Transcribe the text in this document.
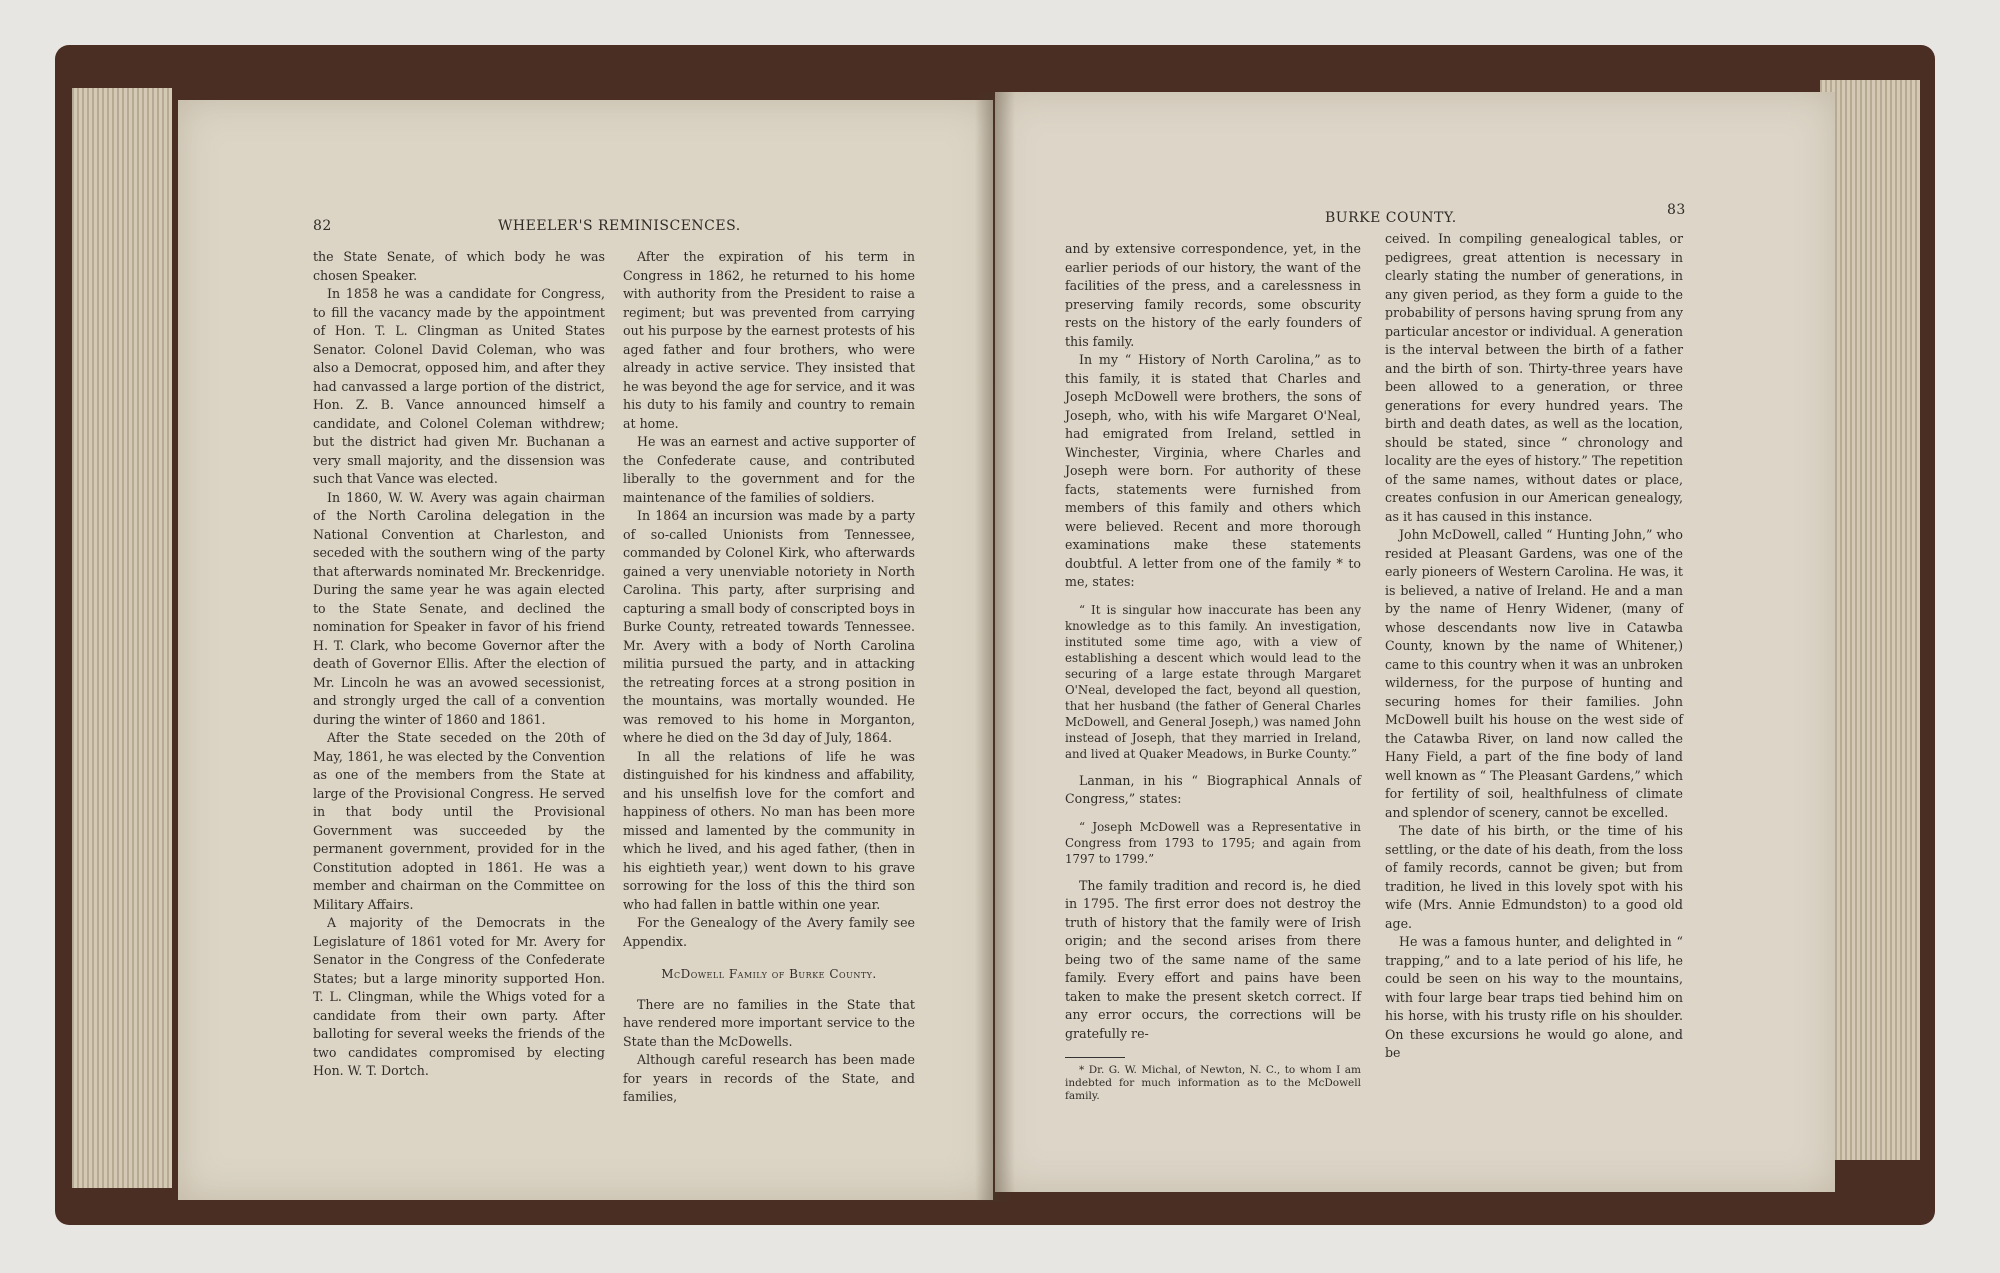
82	WHEELER'S REMINISCENCES.

the State Senate, of which body he was chosen Speaker.

In 1858 he was a candidate for Congress, to fill the vacancy made by the appointment of Hon. T. L. Clingman as United States Senator. Colonel David Coleman, who was also a Democrat, opposed him, and after they had canvassed a large portion of the district, Hon. Z. B. Vance announced himself a candidate, and Colonel Coleman withdrew; but the district had given Mr. Buchanan a very small majority, and the dissension was such that Vance was elected.

In 1860, W. W. Avery was again chairman of the North Carolina delegation in the National Convention at Charleston, and seceded with the southern wing of the party that afterwards nominated Mr. Breckenridge. During the same year he was again elected to the State Senate, and declined the nomination for Speaker in favor of his friend H. T. Clark, who become Governor after the death of Governor Ellis. After the election of Mr. Lincoln he was an avowed secessionist, and strongly urged the call of a convention during the winter of 1860 and 1861.

After the State seceded on the 20th of May, 1861, he was elected by the Convention as one of the members from the State at large of the Provisional Congress. He served in that body until the Provisional Government was succeeded by the permanent government, provided for in the Constitution adopted in 1861. He was a member and chairman on the Committee on Military Affairs.

A majority of the Democrats in the Legislature of 1861 voted for Mr. Avery for Senator in the Congress of the Confederate States; but a large minority supported Hon. T. L. Clingman, while the Whigs voted for a candidate from their own party. After balloting for several weeks the friends of the two candidates compromised by electing Hon. W. T. Dortch.

After the expiration of his term in Congress in 1862, he returned to his home with authority from the President to raise a regiment; but was prevented from carrying out his purpose by the earnest protests of his aged father and four brothers, who were already in active service. They insisted that he was beyond the age for service, and it was his duty to his family and country to remain at home.

He was an earnest and active supporter of the Confederate cause, and contributed liberally to the government and for the maintenance of the families of soldiers.

In 1864 an incursion was made by a party of so-called Unionists from Tennessee, commanded by Colonel Kirk, who afterwards gained a very unenviable notoriety in North Carolina. This party, after surprising and capturing a small body of conscripted boys in Burke County, retreated towards Tennessee. Mr. Avery with a body of North Carolina militia pursued the party, and in attacking the retreating forces at a strong position in the mountains, was mortally wounded. He was removed to his home in Morganton, where he died on the 3d day of July, 1864.

In all the relations of life he was distinguished for his kindness and affability, and his unselfish love for the comfort and happiness of others. No man has been more missed and lamented by the community in which he lived, and his aged father, (then in his eightieth year,) went down to his grave sorrowing for the loss of this the third son who had fallen in battle within one year.

For the Genealogy of the Avery family see Appendix.

McDowell Family of Burke County.

There are no families in the State that have rendered more important service to the State than the McDowells.

Although careful research has been made for years in records of the State, and families,

BURKE COUNTY.	83

and by extensive correspondence, yet, in the earlier periods of our history, the want of the facilities of the press, and a carelessness in preserving family records, some obscurity rests on the history of the early founders of this family.

In my “ History of North Carolina,” as to this family, it is stated that Charles and Joseph McDowell were brothers, the sons of Joseph, who, with his wife Margaret O'Neal, had emigrated from Ireland, settled in Winchester, Virginia, where Charles and Joseph were born. For authority of these facts, statements were furnished from members of this family and others which were believed. Recent and more thorough examinations make these statements doubtful. A letter from one of the family * to me, states:

“ It is singular how inaccurate has been any knowledge as to this family. An investigation, instituted some time ago, with a view of establishing a descent which would lead to the securing of a large estate through Margaret O'Neal, developed the fact, beyond all question, that her husband (the father of General Charles McDowell, and General Joseph,) was named John instead of Joseph, that they married in Ireland, and lived at Quaker Meadows, in Burke County.”

Lanman, in his “ Biographical Annals of Congress,” states:

“ Joseph McDowell was a Representative in Congress from 1793 to 1795; and again from 1797 to 1799.”

The family tradition and record is, he died in 1795. The first error does not destroy the truth of history that the family were of Irish origin; and the second arises from there being two of the same name of the same family. Every effort and pains have been taken to make the present sketch correct. If any error occurs, the corrections will be gratefully re-

* Dr. G. W. Michal, of Newton, N. C., to whom I am indebted for much information as to the McDowell family.

ceived. In compiling genealogical tables, or pedigrees, great attention is necessary in clearly stating the number of generations, in any given period, as they form a guide to the probability of persons having sprung from any particular ancestor or individual. A generation is the interval between the birth of a father and the birth of son. Thirty-three years have been allowed to a generation, or three generations for every hundred years. The birth and death dates, as well as the location, should be stated, since “ chronology and locality are the eyes of history.” The repetition of the same names, without dates or place, creates confusion in our American genealogy, as it has caused in this instance.

John McDowell, called “ Hunting John,” who resided at Pleasant Gardens, was one of the early pioneers of Western Carolina. He was, it is believed, a native of Ireland. He and a man by the name of Henry Widener, (many of whose descendants now live in Catawba County, known by the name of Whitener,) came to this country when it was an unbroken wilderness, for the purpose of hunting and securing homes for their families. John McDowell built his house on the west side of the Catawba River, on land now called the Hany Field, a part of the fine body of land well known as “ The Pleasant Gardens,” which for fertility of soil, healthfulness of climate and splendor of scenery, cannot be excelled.

The date of his birth, or the time of his settling, or the date of his death, from the loss of family records, cannot be given; but from tradition, he lived in this lovely spot with his wife (Mrs. Annie Edmundston) to a good old age.

He was a famous hunter, and delighted in “ trapping,” and to a late period of his life, he could be seen on his way to the mountains, with four large bear traps tied behind him on his horse, with his trusty rifle on his shoulder. On these excursions he would go alone, and be
